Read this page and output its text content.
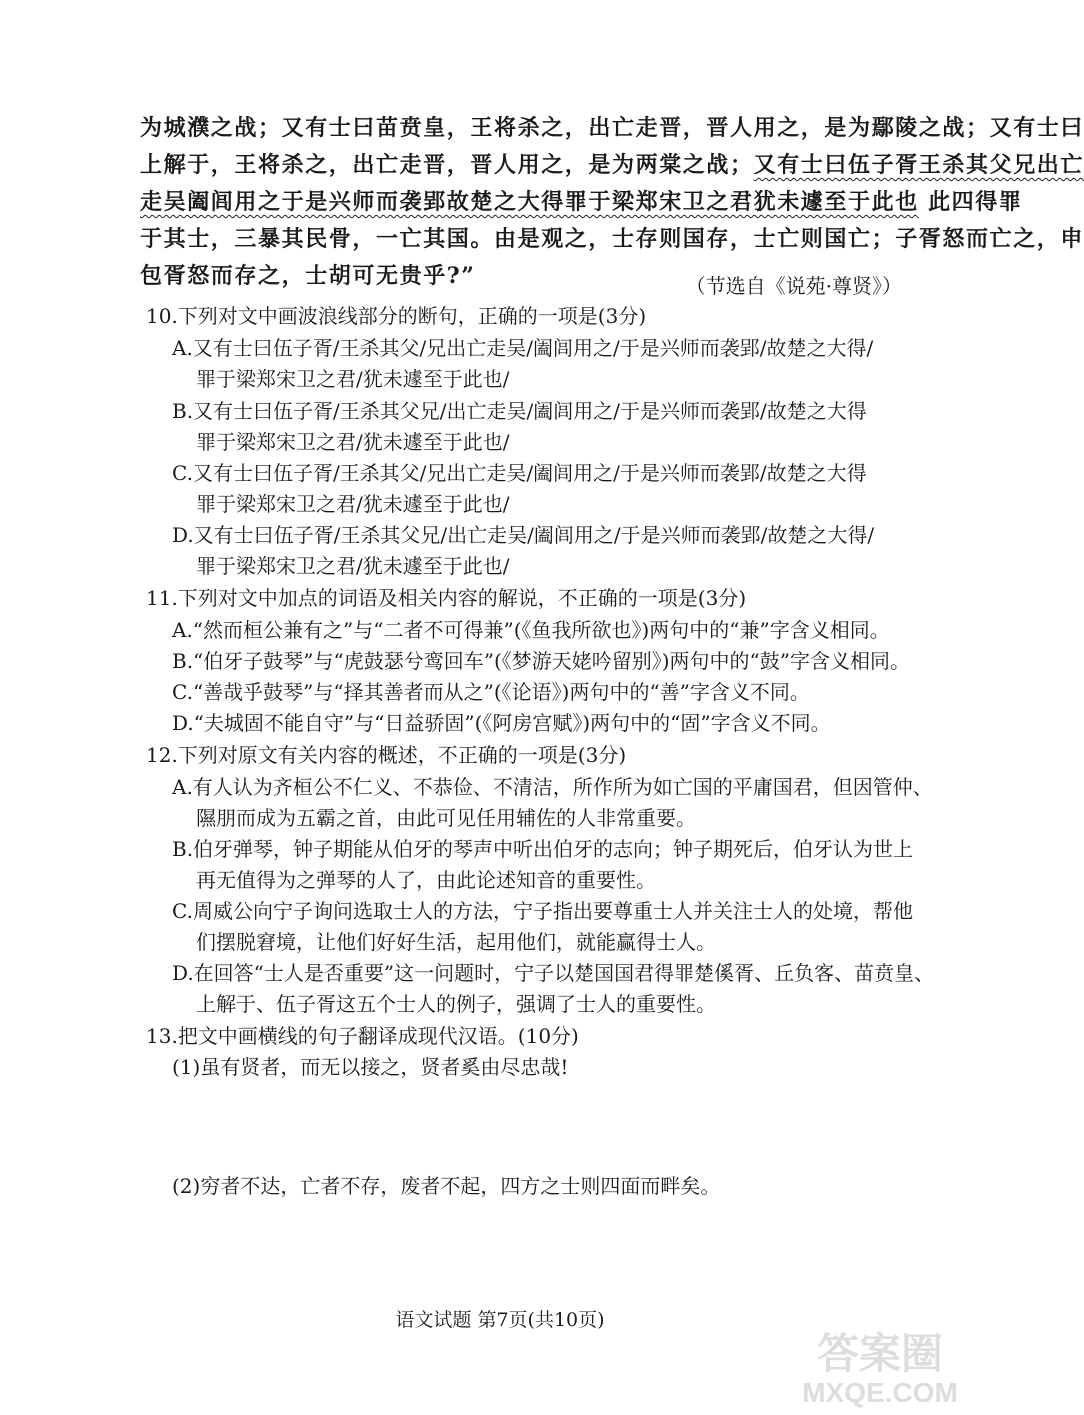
为城濮之战；又有士曰苗贲皇，王将杀之，出亡走晋，晋人用之，是为鄢陵之战；又有士曰
上解于，王将杀之，出亡走晋，晋人用之，是为两棠之战；又有士曰伍子胥王杀其父兄出亡
走吴阖闾用之于是兴师而袭郢故楚之大得罪于梁郑宋卫之君犹未遽至于此也 此四得罪
于其士，三暴其民骨，一亡其国。由是观之，士存则国存，士亡则国亡；子胥怒而亡之，申
包胥怒而存之，士胡可无贵乎?”	（节选自《说苑·尊贤》）
10.下列对文中画波浪线部分的断句，正确的一项是(3分)
A.又有士曰伍子胥/王杀其父/兄出亡走吴/阖闾用之/于是兴师而袭郢/故楚之大得/
罪于梁郑宋卫之君/犹未遽至于此也/
B.又有士曰伍子胥/王杀其父兄/出亡走吴/阖闾用之/于是兴师而袭郢/故楚之大得
罪于梁郑宋卫之君/犹未遽至于此也/
C.又有士曰伍子胥/王杀其父/兄出亡走吴/阖闾用之/于是兴师而袭郢/故楚之大得
罪于梁郑宋卫之君/犹未遽至于此也/
D.又有士曰伍子胥/王杀其父兄/出亡走吴/阖闾用之/于是兴师而袭郢/故楚之大得/
罪于梁郑宋卫之君/犹未遽至于此也/
11.下列对文中加点的词语及相关内容的解说，不正确的一项是(3分)
A.“然而桓公兼有之”与“二者不可得兼”(《鱼我所欲也》)两句中的“兼”字含义相同。
B.“伯牙子鼓琴”与“虎鼓瑟兮鸾回车”(《梦游天姥吟留别》)两句中的“鼓”字含义相同。
C.“善哉乎鼓琴”与“择其善者而从之”(《论语》)两句中的“善”字含义不同。
D.“夫城固不能自守”与“日益骄固”(《阿房宫赋》)两句中的“固”字含义不同。
12.下列对原文有关内容的概述，不正确的一项是(3分)
A.有人认为齐桓公不仁义、不恭俭、不清洁，所作所为如亡国的平庸国君，但因管仲、
隰朋而成为五霸之首，由此可见任用辅佐的人非常重要。
B.伯牙弹琴，钟子期能从伯牙的琴声中听出伯牙的志向；钟子期死后，伯牙认为世上
再无值得为之弹琴的人了，由此论述知音的重要性。
C.周威公向宁子询问选取士人的方法，宁子指出要尊重士人并关注士人的处境，帮他
们摆脱窘境，让他们好好生活，起用他们，就能赢得士人。
D.在回答“士人是否重要”这一问题时，宁子以楚国国君得罪楚傒胥、丘负客、苗贲皇、
上解于、伍子胥这五个士人的例子，强调了士人的重要性。
13.把文中画横线的句子翻译成现代汉语。(10分)
(1)虽有贤者，而无以接之，贤者奚由尽忠哉!
(2)穷者不达，亡者不存，废者不起，四方之士则四面而畔矣。
语文试题 第7页(共10页)
答案圈
MXQE.COM
